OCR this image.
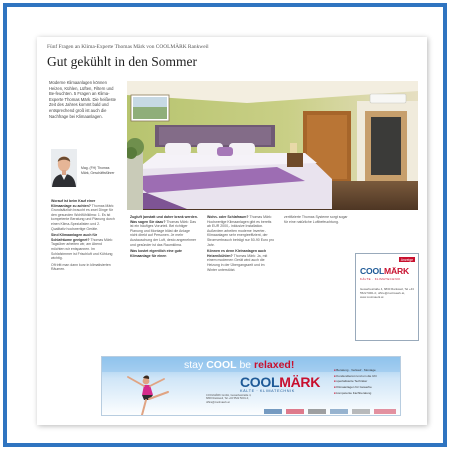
Fünf Fragen an Klima-Experte Thomas Märk von COOLMÄRK Rankweil
Gut gekühlt in den Sommer
Moderne Klimaanlagen können Heizen, Kühlen, Lüften, Filtern und Be-feuchten. 5 Fragen an Klima-Experte Thomas Märk. Die heißeste Zeit des Jahres kommt bald und entsprechend groß ist auch die Nachfrage bei Klimaanlagen.
Mag. (FH) Thomas Märk, Geschäftsführer

Worauf ist beim Kauf einer Klimaanlage zu achten? Thomas Märk: Grundsätzlich braucht es zwei Dinge für den gesunden Wohlfühlklima: 1. Es ist kompetente Beratung und Planung durch einen Klima-Spezialisten und 2. Qualitativ hochwertige Geräte.

Sind Klimaanlagen auch für Schlafräume geeignet? Thomas Märk: Tagsüber arbeiten wir, am Abend möchten wir entspannen. Im Schlafzimmer ist Frischluft und Kühlung wichtig.

Oft tritt man dann kurz in klimatisierten Räumen.

Zugluft (anstatt und daher krank werden. Was sagen Sie dazu? Thomas Märk: Das ist ein häufiges Vorurteil. Bei richtiger Planung und Montage bläst die Anlage nicht direkt auf Personen. Je mehr Austauschung der Luft, desto angenehmer und gesünder ist das Raumklima.

Was kostet eigentlich eine gute Klimaanlage für einen

Wohn- oder Schlafraum? Thomas Märk: Hochwertige Klimaanlagen gibt es bereits ab EUR 2000,- inklusive Installation. Außerdem arbeiten moderne Inverter-Klimaanlagen sehr energieeffizient, der Stromverbrauch beträgt nur 50-90 Euro pro Jahr.

Können es denn Kleinanlagen auch Heizen/kühlen? Thomas Märk: Ja, mit einem modernen Gerät wird auch die Heizung in der Übergangszeit und im Winter unterstützt.

zertifizierte Thomas Systeme sorgt sogar für eine natürliche Luftbefeuchtung.

Anzeige
COOLMÄRK
KÄLTE · KLIMATECHNIK
Gewerbestraße 4, 6830 Rankweil, Tel +43 5522 5001-0, office@coolmaerk.at, www.coolmaerk.at
stay COOL be relaxed!
COOLMÄRK
KÄLTE · KLIMATECHNIK
COOLMÄRK GmbH, Gewerbestraße 4, 6830 Rankweil, Tel +43 5522 5001-0, office@coolmaerk.at
■ Beratung · Verkauf · Montage
■ Kundendienst rund um die Uhr
■ spezialisierte Techniker
■ Klimaanlagen für Gewerbe
■ kompetente Fachberatung
